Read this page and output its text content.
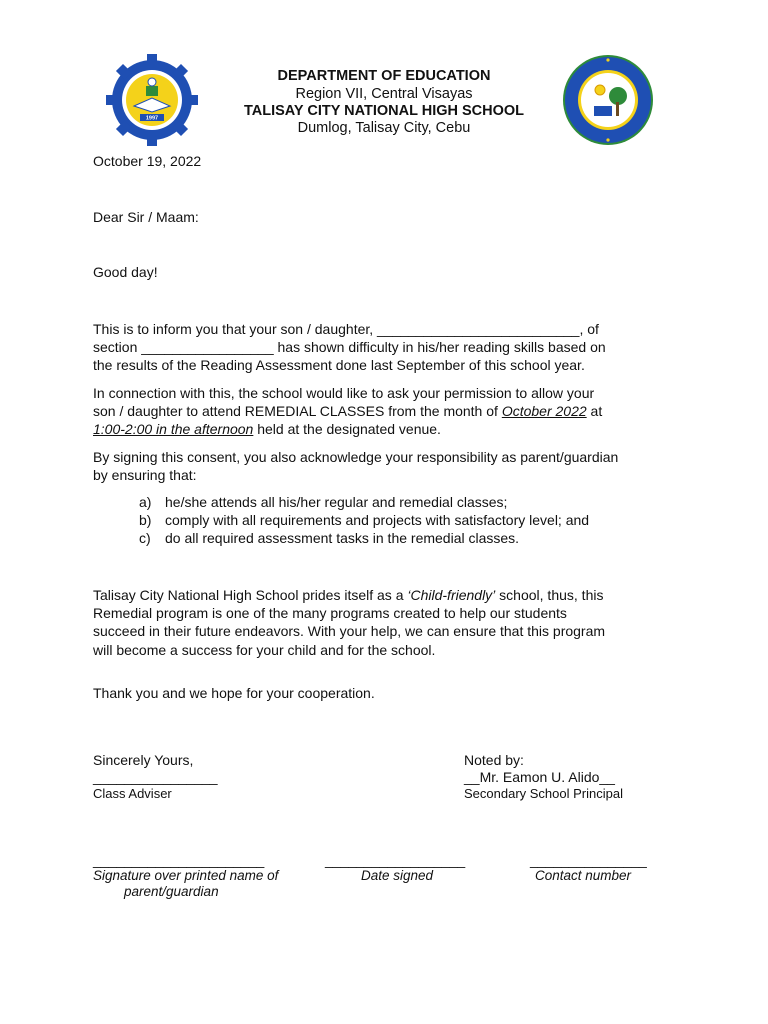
1997
DEPARTMENT OF EDUCATION
Region VII, Central Visayas
TALISAY CITY NATIONAL HIGH SCHOOL
Dumlog, Talisay City, Cebu
October 19, 2022
Dear Sir / Maam:
Good day!
This is to inform you that your son / daughter, __________________________, of
section _________________ has shown difficulty in his/her reading skills based on
the results of the Reading Assessment done last September of this school year.
In connection with this, the school would like to ask your permission to allow your
son / daughter to attend REMEDIAL CLASSES from the month of October 2022 at
1:00-2:00 in the afternoon held at the designated venue.
By signing this consent, you also acknowledge your responsibility as parent/guardian
by ensuring that:
a) he/she attends all his/her regular and remedial classes;
b) comply with all requirements and projects with satisfactory level; and
c) do all required assessment tasks in the remedial classes.
Talisay City National High School prides itself as a ‘Child-friendly’ school, thus, this
Remedial program is one of the many programs created to help our students
succeed in their future endeavors. With your help, we can ensure that this program
will become a success for your child and for the school.
Thank you and we hope for your cooperation.
Sincerely Yours,
________________
Class Adviser
Noted by:
__Mr. Eamon U. Alido__
Secondary School Principal
______________________	__________________	_______________
Signature over printed name of
parent/guardian
Date signed	Contact number
